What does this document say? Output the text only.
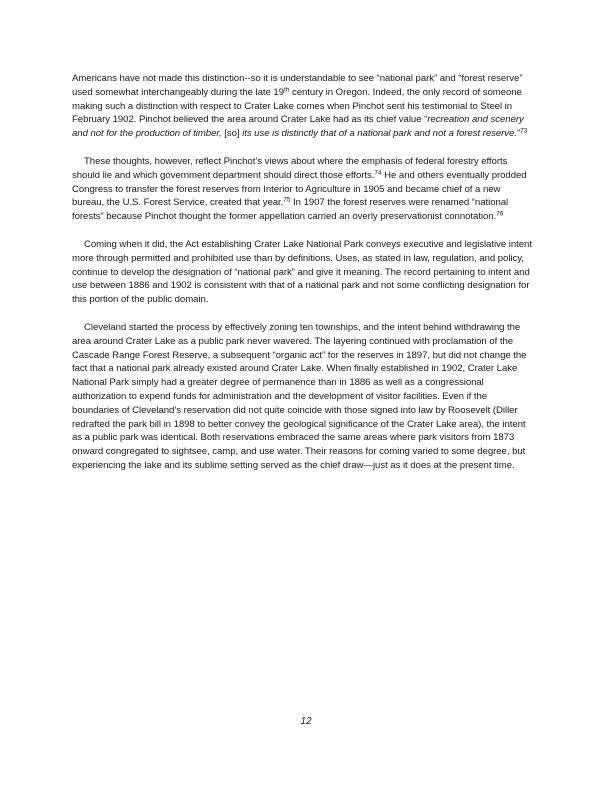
Americans have not made this distinction--so it is understandable to see “national park” and “forest reserve” used somewhat interchangeably during the late 19th century in Oregon. Indeed, the only record of someone making such a distinction with respect to Crater Lake comes when Pinchot sent his testimonial to Steel in February 1902. Pinchot believed the area around Crater Lake had as its chief value “recreation and scenery and not for the production of timber, [so] its use is distinctly that of a national park and not a forest reserve.”$^{73}$

These thoughts, however, reflect Pinchot’s views about where the emphasis of federal forestry efforts should lie and which government department should direct those efforts.$^{74}$ He and others eventually prodded Congress to transfer the forest reserves from Interior to Agriculture in 1905 and became chief of a new bureau, the U.S. Forest Service, created that year.$^{75}$ In 1907 the forest reserves were renamed “national forests” because Pinchot thought the former appellation carried an overly preservationist connotation.$^{76}$

Coming when it did, the Act establishing Crater Lake National Park conveys executive and legislative intent more through permitted and prohibited use than by definitions. Uses, as stated in law, regulation, and policy, continue to develop the designation of “national park” and give it meaning. The record pertaining to intent and use between 1886 and 1902 is consistent with that of a national park and not some conflicting designation for this portion of the public domain.

Cleveland started the process by effectively zoning ten townships, and the intent behind withdrawing the area around Crater Lake as a public park never wavered. The layering continued with proclamation of the Cascade Range Forest Reserve, a subsequent “organic act” for the reserves in 1897, but did not change the fact that a national park already existed around Crater Lake. When finally established in 1902, Crater Lake National Park simply had a greater degree of permanence than in 1886 as well as a congressional authorization to expend funds for administration and the development of visitor facilities. Even if the boundaries of Cleveland’s reservation did not quite coincide with those signed into law by Roosevelt (Diller redrafted the park bill in 1898 to better convey the geological significance of the Crater Lake area), the intent as a public park was identical. Both reservations embraced the same areas where park visitors from 1873 onward congregated to sightsee, camp, and use water. Their reasons for coming varied to some degree, but experiencing the lake and its sublime setting served as the chief draw—just as it does at the present time.

12
